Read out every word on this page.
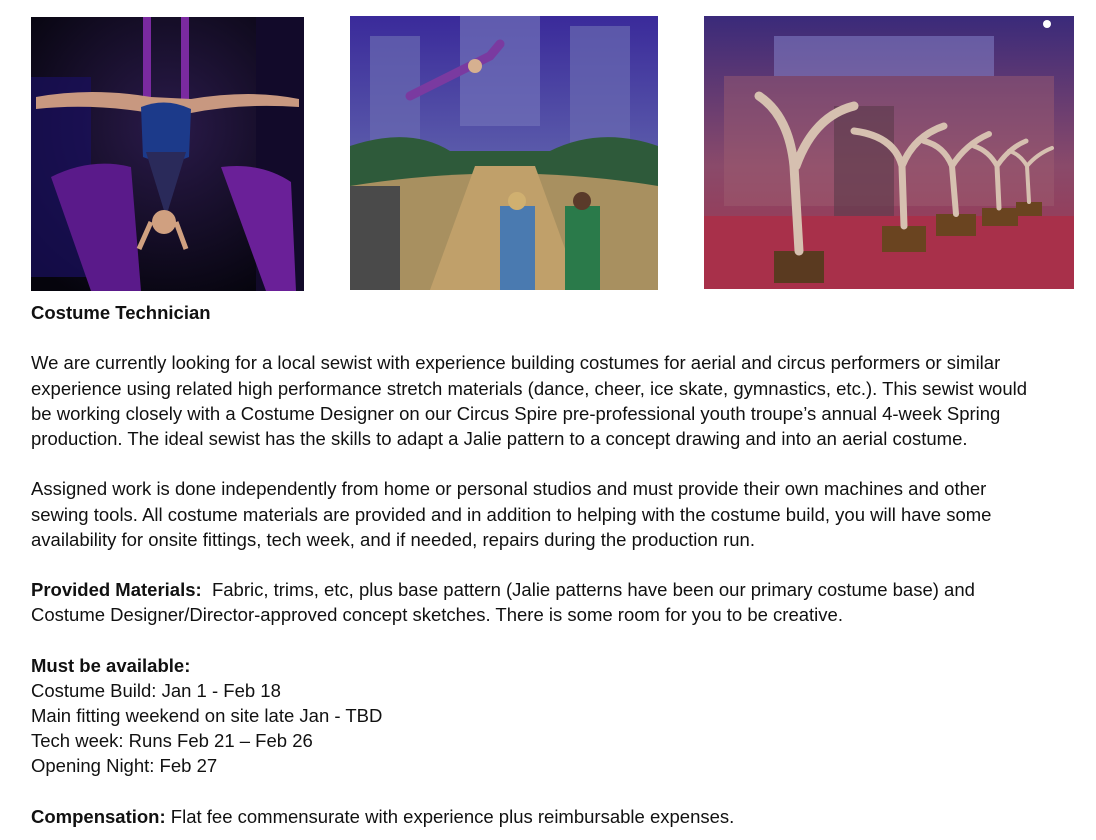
Costume Technician
We are currently looking for a local sewist with experience building costumes for aerial and circus performers or similar
experience using related high performance stretch materials (dance, cheer, ice skate, gymnastics, etc.). This sewist would
be working closely with a Costume Designer on our Circus Spire pre-professional youth troupe’s annual 4-week Spring
production. The ideal sewist has the skills to adapt a Jalie pattern to a concept drawing and into an aerial costume.
Assigned work is done independently from home or personal studios and must provide their own machines and other
sewing tools. All costume materials are provided and in addition to helping with the costume build, you will have some
availability for onsite fittings, tech week, and if needed, repairs during the production run.
Provided Materials:  Fabric, trims, etc, plus base pattern (Jalie patterns have been our primary costume base) and
Costume Designer/Director-approved concept sketches. There is some room for you to be creative.
Must be available:
Costume Build: Jan 1 - Feb 18
Main fitting weekend on site late Jan - TBD
Tech week: Runs Feb 21 – Feb 26
Opening Night: Feb 27
Compensation: Flat fee commensurate with experience plus reimbursable expenses.
